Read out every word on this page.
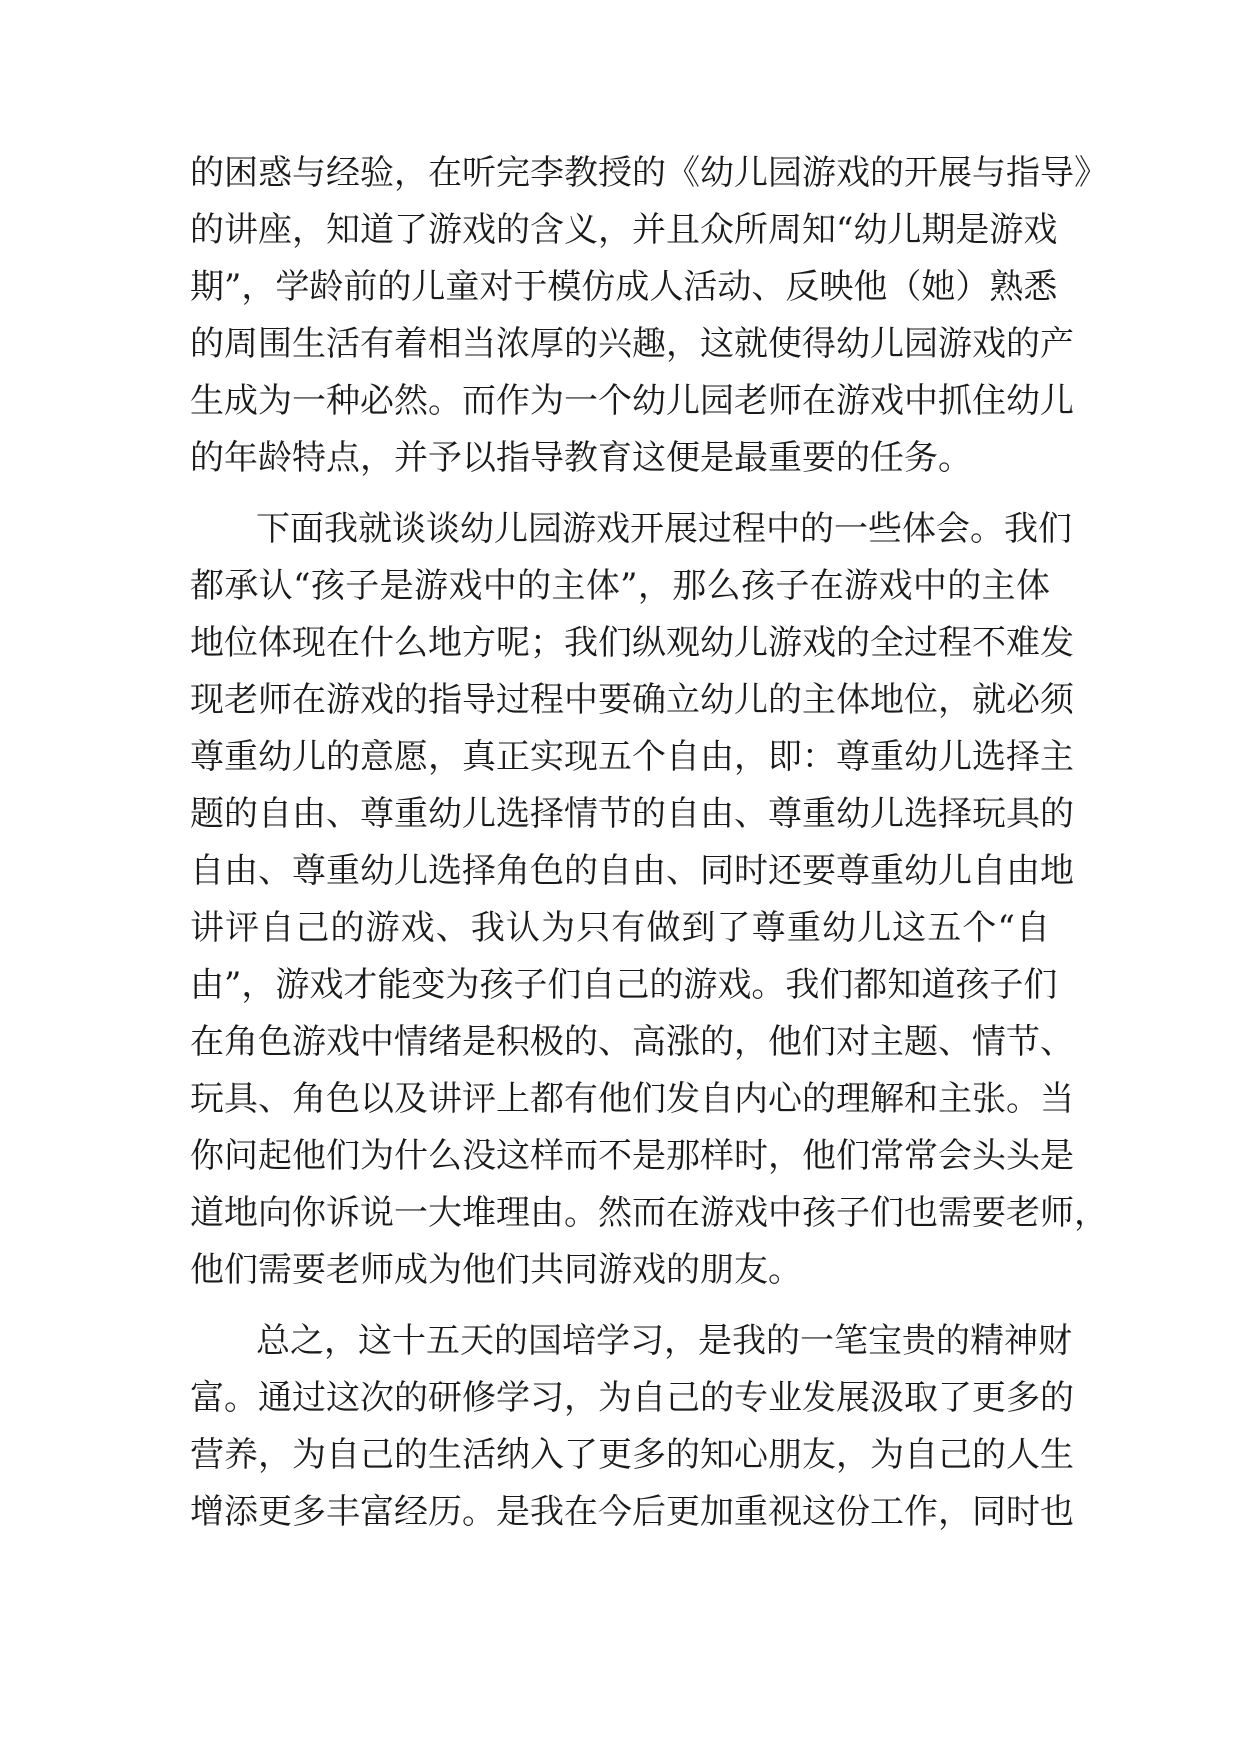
的困惑与经验，在听完李教授的《幼儿园游戏的开展与指导》
的讲座，知道了游戏的含义，并且众所周知“幼儿期是游戏
期”，学龄前的儿童对于模仿成人活动、反映他（她）熟悉
的周围生活有着相当浓厚的兴趣，这就使得幼儿园游戏的产
生成为一种必然。而作为一个幼儿园老师在游戏中抓住幼儿
的年龄特点，并予以指导教育这便是最重要的任务。
下面我就谈谈幼儿园游戏开展过程中的一些体会。我们
都承认“孩子是游戏中的主体”，那么孩子在游戏中的主体
地位体现在什么地方呢；我们纵观幼儿游戏的全过程不难发
现老师在游戏的指导过程中要确立幼儿的主体地位，就必须
尊重幼儿的意愿，真正实现五个自由，即：尊重幼儿选择主
题的自由、尊重幼儿选择情节的自由、尊重幼儿选择玩具的
自由、尊重幼儿选择角色的自由、同时还要尊重幼儿自由地
讲评自己的游戏、我认为只有做到了尊重幼儿这五个“自
由”，游戏才能变为孩子们自己的游戏。我们都知道孩子们
在角色游戏中情绪是积极的、高涨的，他们对主题、情节、
玩具、角色以及讲评上都有他们发自内心的理解和主张。当
你问起他们为什么没这样而不是那样时，他们常常会头头是
道地向你诉说一大堆理由。然而在游戏中孩子们也需要老师，
他们需要老师成为他们共同游戏的朋友。
总之，这十五天的国培学习，是我的一笔宝贵的精神财
富。通过这次的研修学习，为自己的专业发展汲取了更多的
营养，为自己的生活纳入了更多的知心朋友，为自己的人生
增添更多丰富经历。是我在今后更加重视这份工作，同时也
